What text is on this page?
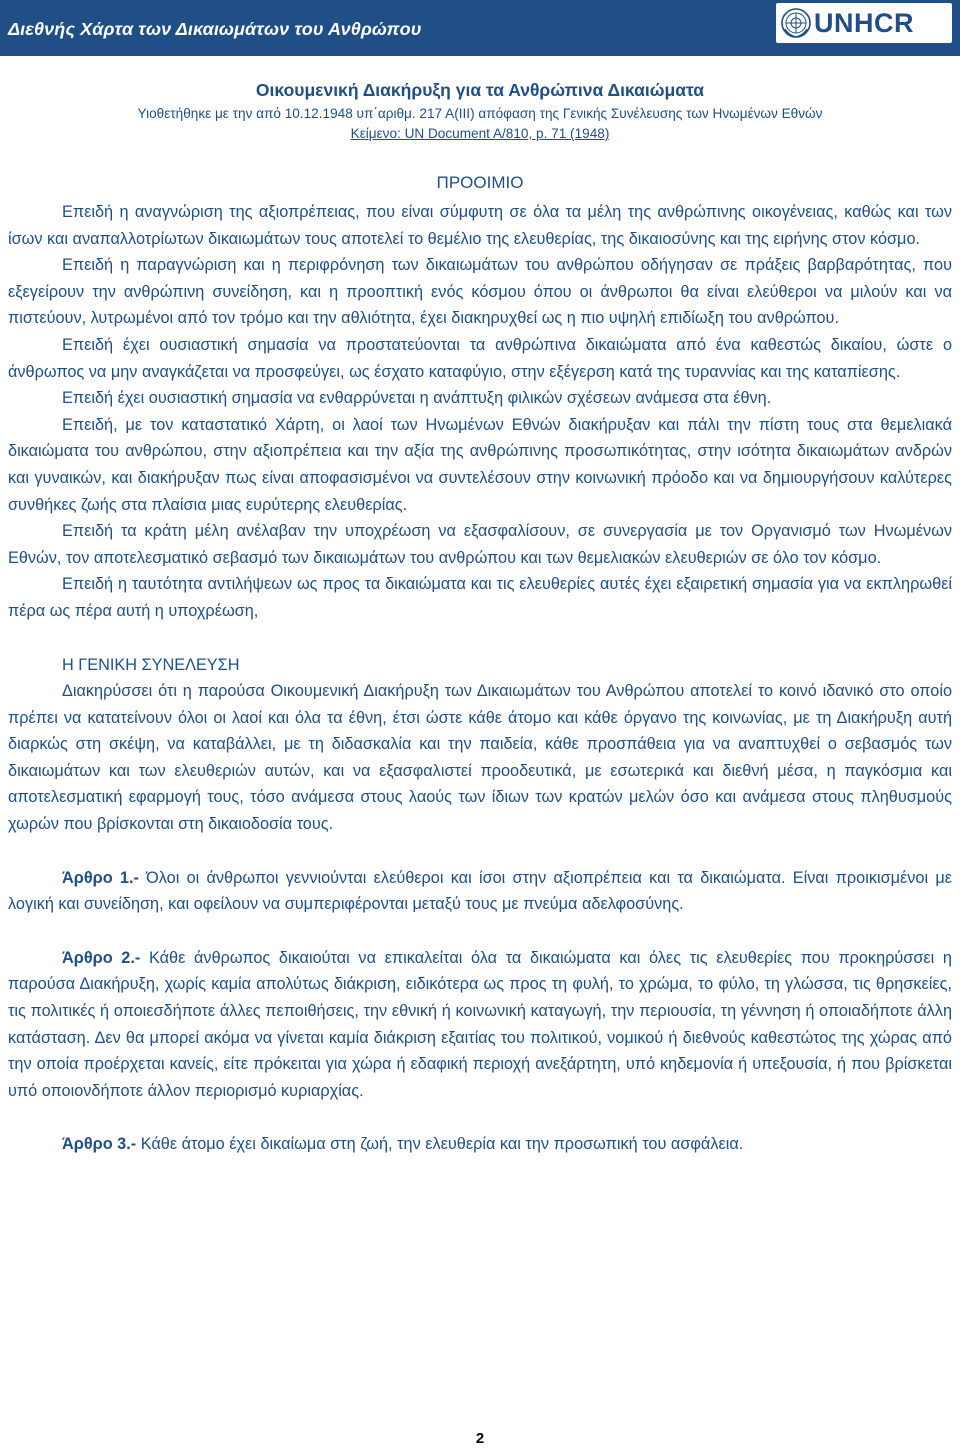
Διεθνής Χάρτα των Δικαιωμάτων του Ανθρώπου	UNHCR
Οικουμενική Διακήρυξη για τα Ανθρώπινα Δικαιώματα
Υιοθετήθηκε με την από 10.12.1948 υπ΄αριθμ. 217 Α(ΙΙΙ) απόφαση της Γενικής Συνέλευσης των Ηνωμένων Εθνών
Κείμενο: UN Document A/810, p. 71 (1948)
ΠΡΟΟΙΜΙΟ

Επειδή η αναγνώριση της αξιοπρέπειας, που είναι σύμφυτη σε όλα τα μέλη της ανθρώπινης οικογένειας, καθώς και των ίσων και αναπαλλοτρίωτων δικαιωμάτων τους αποτελεί το θεμέλιο της ελευθερίας, της δικαιοσύνης και της ειρήνης στον κόσμο.

Επειδή η παραγνώριση και η περιφρόνηση των δικαιωμάτων του ανθρώπου οδήγησαν σε πράξεις βαρβαρότητας, που εξεγείρουν την ανθρώπινη συνείδηση, και η προοπτική ενός κόσμου όπου οι άνθρωποι θα είναι ελεύθεροι να μιλούν και να πιστεύουν, λυτρωμένοι από τον τρόμο και την αθλιότητα, έχει διακηρυχθεί ως η πιο υψηλή επιδίωξη του ανθρώπου.

Επειδή έχει ουσιαστική σημασία να προστατεύονται τα ανθρώπινα δικαιώματα από ένα καθεστώς δικαίου, ώστε ο άνθρωπος να μην αναγκάζεται να προσφεύγει, ως έσχατο καταφύγιο, στην εξέγερση κατά της τυραννίας και της καταπίεσης.

Επειδή έχει ουσιαστική σημασία να ενθαρρύνεται η ανάπτυξη φιλικών σχέσεων ανάμεσα στα έθνη.

Επειδή, με τον καταστατικό Χάρτη, οι λαοί των Ηνωμένων Εθνών διακήρυξαν και πάλι την πίστη τους στα θεμελιακά δικαιώματα του ανθρώπου, στην αξιοπρέπεια και την αξία της ανθρώπινης προσωπικότητας, στην ισότητα δικαιωμάτων ανδρών και γυναικών, και διακήρυξαν πως είναι αποφασισμένοι να συντελέσουν στην κοινωνική πρόοδο και να δημιουργήσουν καλύτερες συνθήκες ζωής στα πλαίσια μιας ευρύτερης ελευθερίας.

Επειδή τα κράτη μέλη ανέλαβαν την υποχρέωση να εξασφαλίσουν, σε συνεργασία με τον Οργανισμό των Ηνωμένων Εθνών, τον αποτελεσματικό σεβασμό των δικαιωμάτων του ανθρώπου και των θεμελιακών ελευθεριών σε όλο τον κόσμο.

Επειδή η ταυτότητα αντιλήψεων ως προς τα δικαιώματα και τις ελευθερίες αυτές έχει εξαιρετική σημασία για να εκπληρωθεί πέρα ως πέρα αυτή η υποχρέωση,

Η ΓΕΝΙΚΗ ΣΥΝΕΛΕΥΣΗ

Διακηρύσσει ότι η παρούσα Οικουμενική Διακήρυξη των Δικαιωμάτων του Ανθρώπου αποτελεί το κοινό ιδανικό στο οποίο πρέπει να κατατείνουν όλοι οι λαοί και όλα τα έθνη, έτσι ώστε κάθε άτομο και κάθε όργανο της κοινωνίας, με τη Διακήρυξη αυτή διαρκώς στη σκέψη, να καταβάλλει, με τη διδασκαλία και την παιδεία, κάθε προσπάθεια για να αναπτυχθεί ο σεβασμός των δικαιωμάτων και των ελευθεριών αυτών, και να εξασφαλιστεί προοδευτικά, με εσωτερικά και διεθνή μέσα, η παγκόσμια και αποτελεσματική εφαρμογή τους, τόσο ανάμεσα στους λαούς των ίδιων των κρατών μελών όσο και ανάμεσα στους πληθυσμούς χωρών που βρίσκονται στη δικαιοδοσία τους.

Άρθρο 1.- Όλοι οι άνθρωποι γεννιούνται ελεύθεροι και ίσοι στην αξιοπρέπεια και τα δικαιώματα. Είναι προικισμένοι με λογική και συνείδηση, και οφείλουν να συμπεριφέρονται μεταξύ τους με πνεύμα αδελφοσύνης.

Άρθρο 2.- Κάθε άνθρωπος δικαιούται να επικαλείται όλα τα δικαιώματα και όλες τις ελευθερίες που προκηρύσσει η παρούσα Διακήρυξη, χωρίς καμία απολύτως διάκριση, ειδικότερα ως προς τη φυλή, το χρώμα, το φύλο, τη γλώσσα, τις θρησκείες, τις πολιτικές ή οποιεσδήποτε άλλες πεποιθήσεις, την εθνική ή κοινωνική καταγωγή, την περιουσία, τη γέννηση ή οποιαδήποτε άλλη κατάσταση. Δεν θα μπορεί ακόμα να γίνεται καμία διάκριση εξαιτίας του πολιτικού, νομικού ή διεθνούς καθεστώτος της χώρας από την οποία προέρχεται κανείς, είτε πρόκειται για χώρα ή εδαφική περιοχή ανεξάρτητη, υπό κηδεμονία ή υπεξουσία, ή που βρίσκεται υπό οποιονδήποτε άλλον περιορισμό κυριαρχίας.

Άρθρο 3.- Κάθε άτομο έχει δικαίωμα στη ζωή, την ελευθερία και την προσωπική του ασφάλεια.

2
